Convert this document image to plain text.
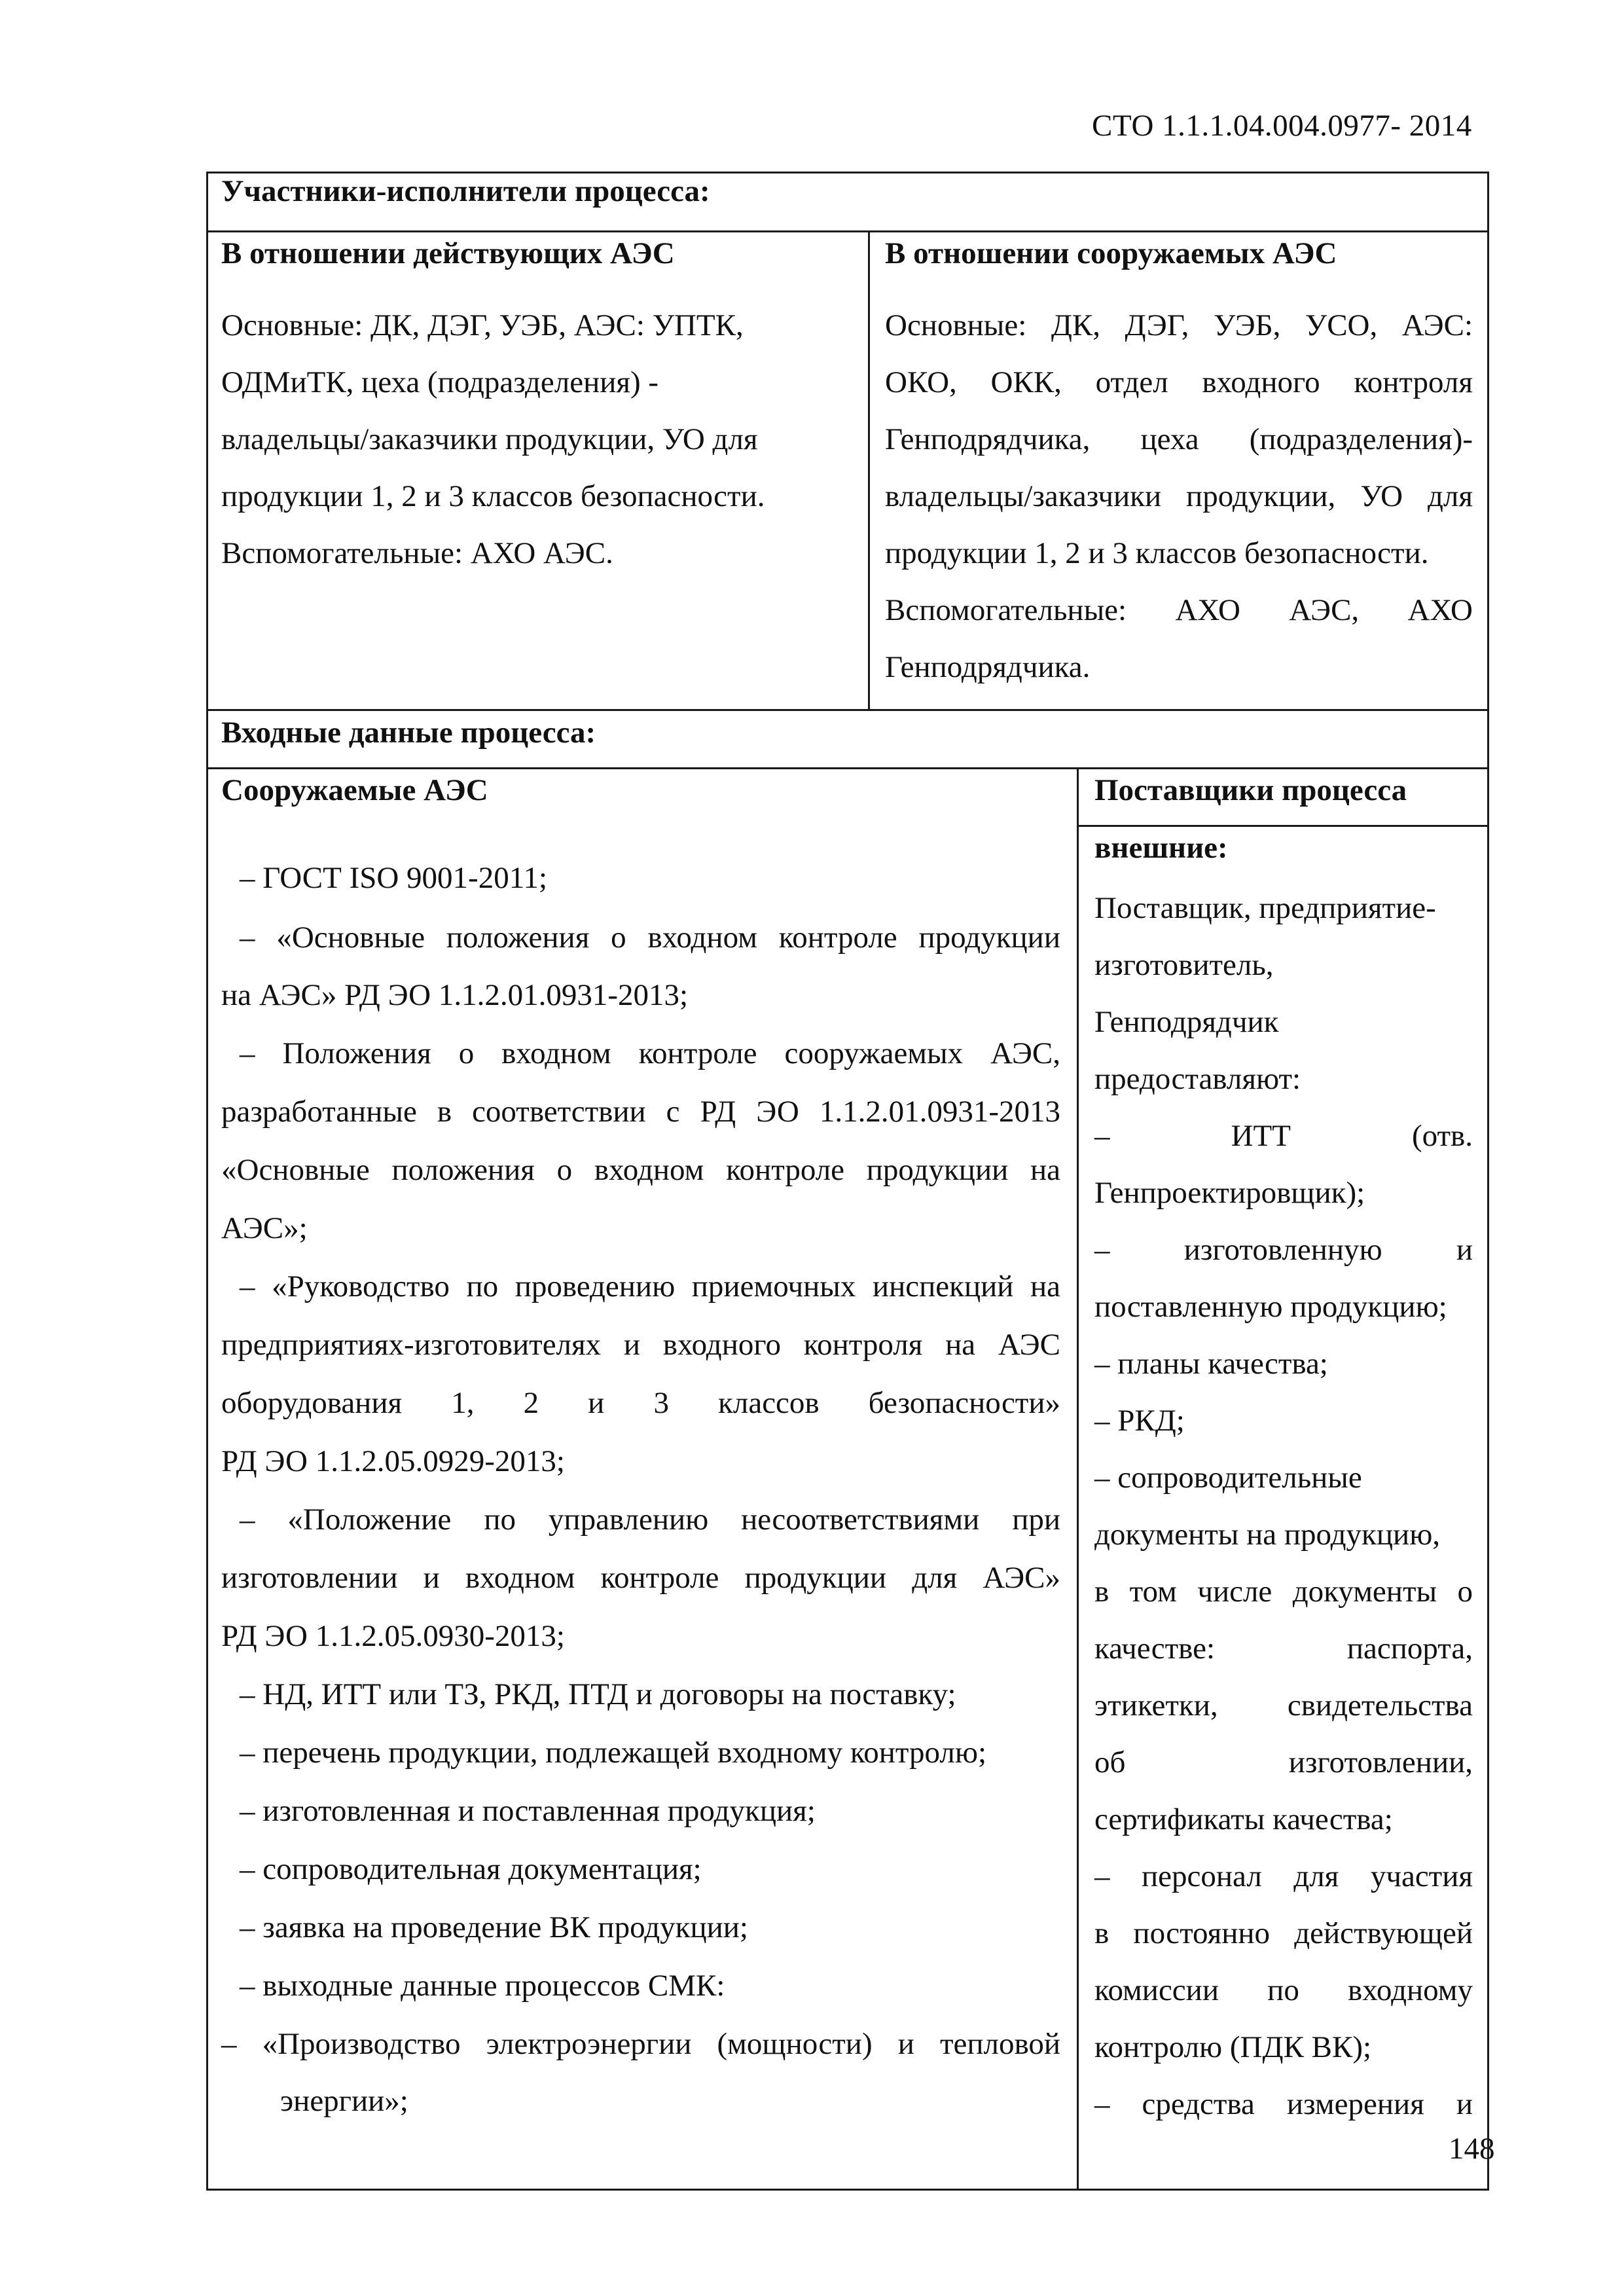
СТО 1.1.1.04.004.0977- 2014
148
Участники-исполнители процесса:
В отношении действующих АЭС
Основные: ДК, ДЭГ, УЭБ, АЭС: УПТК,
ОДМиТК, цеха (подразделения) -
владельцы/заказчики продукции, УО для
продукции 1, 2 и 3 классов безопасности.
Вспомогательные: АХО АЭС.
В отношении сооружаемых АЭС
Основные: ДК, ДЭГ, УЭБ, УСО, АЭС:
ОКО, ОКК, отдел входного контроля
Генподрядчика, цеха (подразделения)-
владельцы/заказчики продукции, УО для
продукции 1, 2 и 3 классов безопасности.
Вспомогательные: АХО АЭС, АХО
Генподрядчика.
Входные данные процесса:
Сооружаемые АЭС
– ГОСТ ISO 9001-2011;
– «Основные положения о входном контроле продукции
на АЭС» РД ЭО 1.1.2.01.0931-2013;
– Положения о входном контроле сооружаемых АЭС,
разработанные в соответствии с РД ЭО 1.1.2.01.0931-2013
«Основные положения о входном контроле продукции на
АЭС»;
– «Руководство по проведению приемочных инспекций на
предприятиях-изготовителях и входного контроля на АЭС
оборудования 1, 2 и 3 классов безопасности»
РД ЭО 1.1.2.05.0929-2013;
– «Положение по управлению несоответствиями при
изготовлении и входном контроле продукции для АЭС»
РД ЭО 1.1.2.05.0930-2013;
– НД, ИТТ или ТЗ, РКД, ПТД и договоры на поставку;
– перечень продукции, подлежащей входному контролю;
– изготовленная и поставленная продукция;
– сопроводительная документация;
– заявка на проведение ВК продукции;
– выходные данные процессов СМК:
– «Производство электроэнергии (мощности) и тепловой
энергии»;
Поставщики процесса
внешние:
Поставщик, предприятие-
изготовитель,
Генподрядчик
предоставляют:
– ИТТ (отв.
Генпроектировщик);
– изготовленную и
поставленную продукцию;
– планы качества;
– РКД;
– сопроводительные
документы на продукцию,
в том числе документы о
качестве: паспорта,
этикетки, свидетельства
об изготовлении,
сертификаты качества;
– персонал для участия
в постоянно действующей
комиссии по входному
контролю (ПДК ВК);
– средства измерения и
